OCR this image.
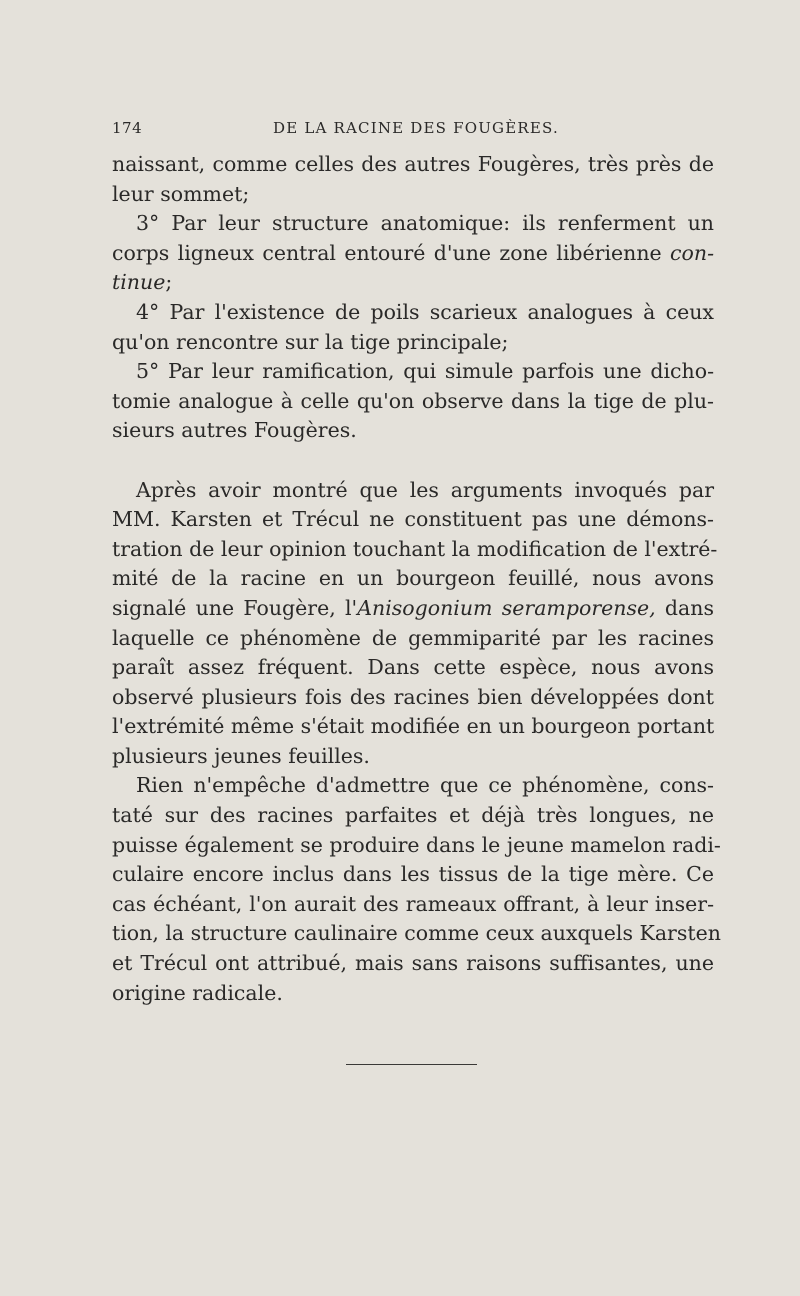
174	DE LA RACINE DES FOUGÈRES.
naissant, comme celles des autres Fougères, très près de
leur sommet;
3° Par leur structure anatomique: ils renferment un
corps ligneux central entouré d'une zone libérienne con-
tinue;
4° Par l'existence de poils scarieux analogues à ceux
qu'on rencontre sur la tige principale;
5° Par leur ramification, qui simule parfois une dicho-
tomie analogue à celle qu'on observe dans la tige de plu-
sieurs autres Fougères.
Après avoir montré que les arguments invoqués par
MM. Karsten et Trécul ne constituent pas une démons-
tration de leur opinion touchant la modification de l'extré-
mité de la racine en un bourgeon feuillé, nous avons
signalé une Fougère, l'Anisogonium seramporense, dans
laquelle ce phénomène de gemmiparité par les racines
paraît assez fréquent. Dans cette espèce, nous avons
observé plusieurs fois des racines bien développées dont
l'extrémité même s'était modifiée en un bourgeon portant
plusieurs jeunes feuilles.
Rien n'empêche d'admettre que ce phénomène, cons-
taté sur des racines parfaites et déjà très longues, ne
puisse également se produire dans le jeune mamelon radi-
culaire encore inclus dans les tissus de la tige mère. Ce
cas échéant, l'on aurait des rameaux offrant, à leur inser-
tion, la structure caulinaire comme ceux auxquels Karsten
et Trécul ont attribué, mais sans raisons suffisantes, une
origine radicale.
